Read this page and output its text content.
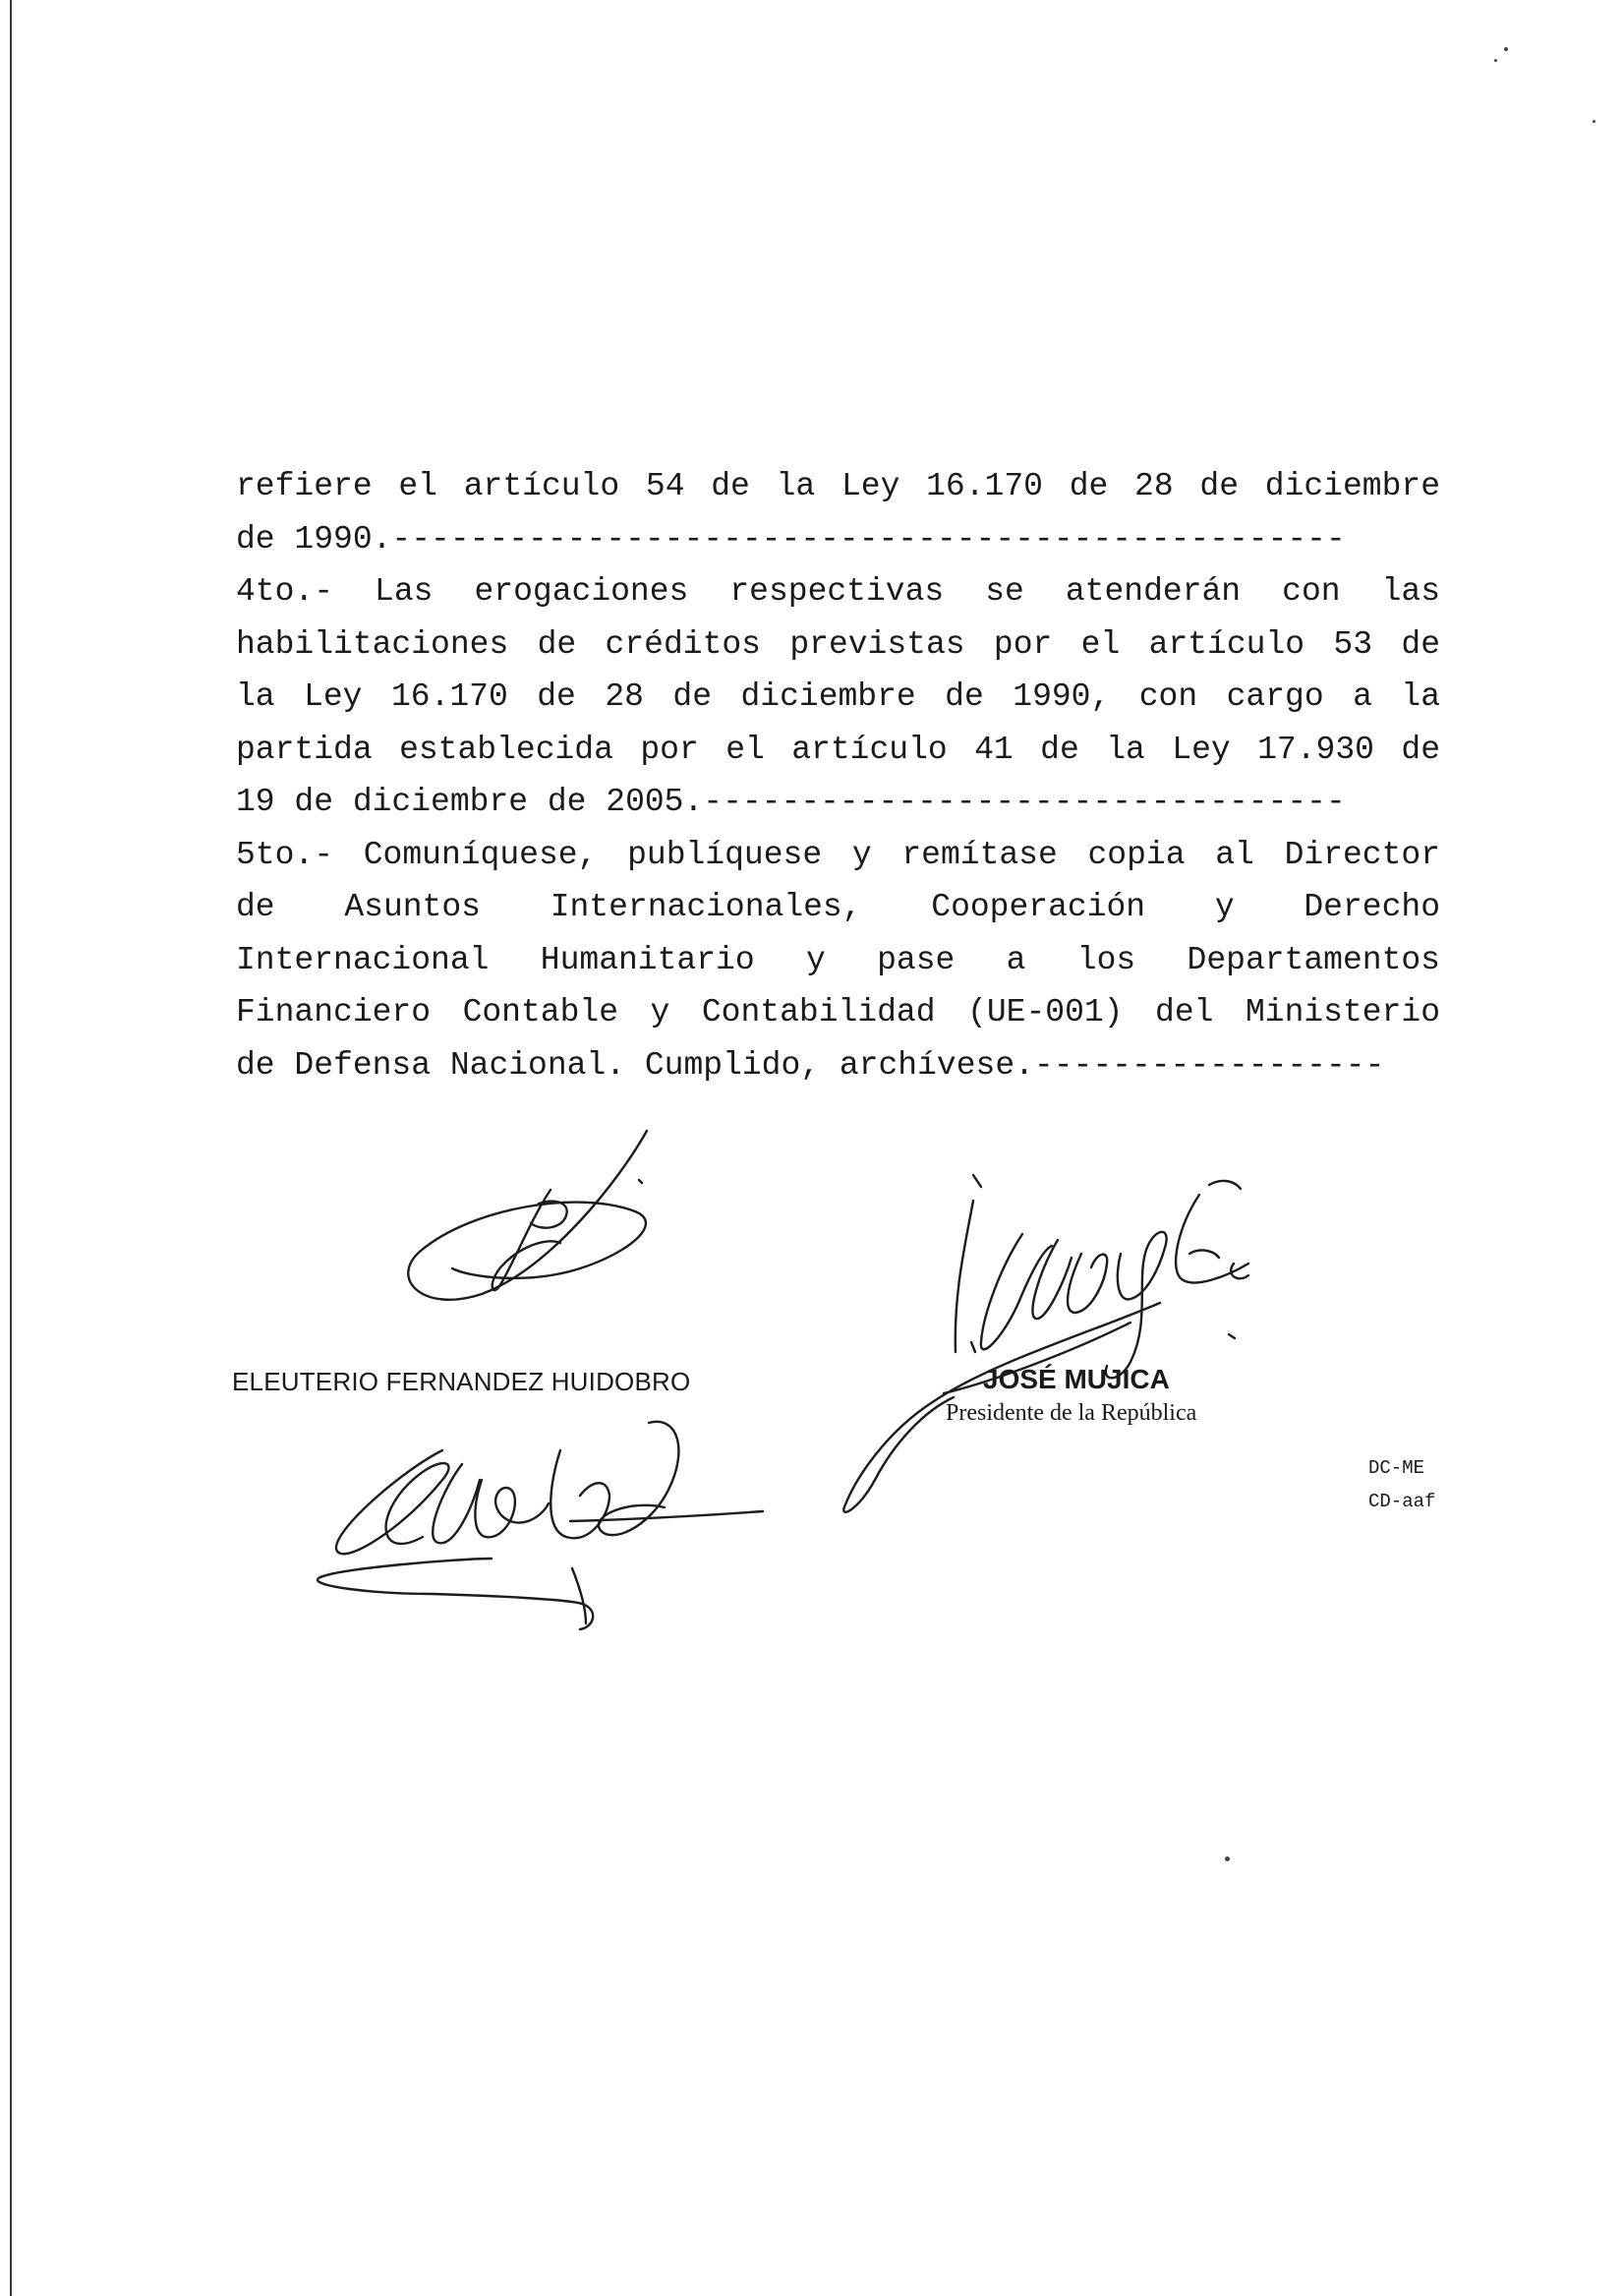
refiere el artículo 54 de la Ley 16.170 de 28 de diciembre
de 1990.-------------------------------------------------
4to.- Las erogaciones respectivas se atenderán con las
habilitaciones de créditos previstas por el artículo 53 de
la Ley 16.170 de 28 de diciembre de 1990, con cargo a la
partida establecida por el artículo 41 de la Ley 17.930 de
19 de diciembre de 2005.---------------------------------
5to.- Comuníquese, publíquese y remítase copia al Director
de Asuntos Internacionales, Cooperación y Derecho
Internacional Humanitario y pase a los Departamentos
Financiero Contable y Contabilidad (UE-001) del Ministerio
de Defensa Nacional. Cumplido, archívese.------------------
ELEUTERIO FERNANDEZ HUIDOBRO	JOSÉ MUJICA
Presidente de la República
DC-ME
CD-aaf
